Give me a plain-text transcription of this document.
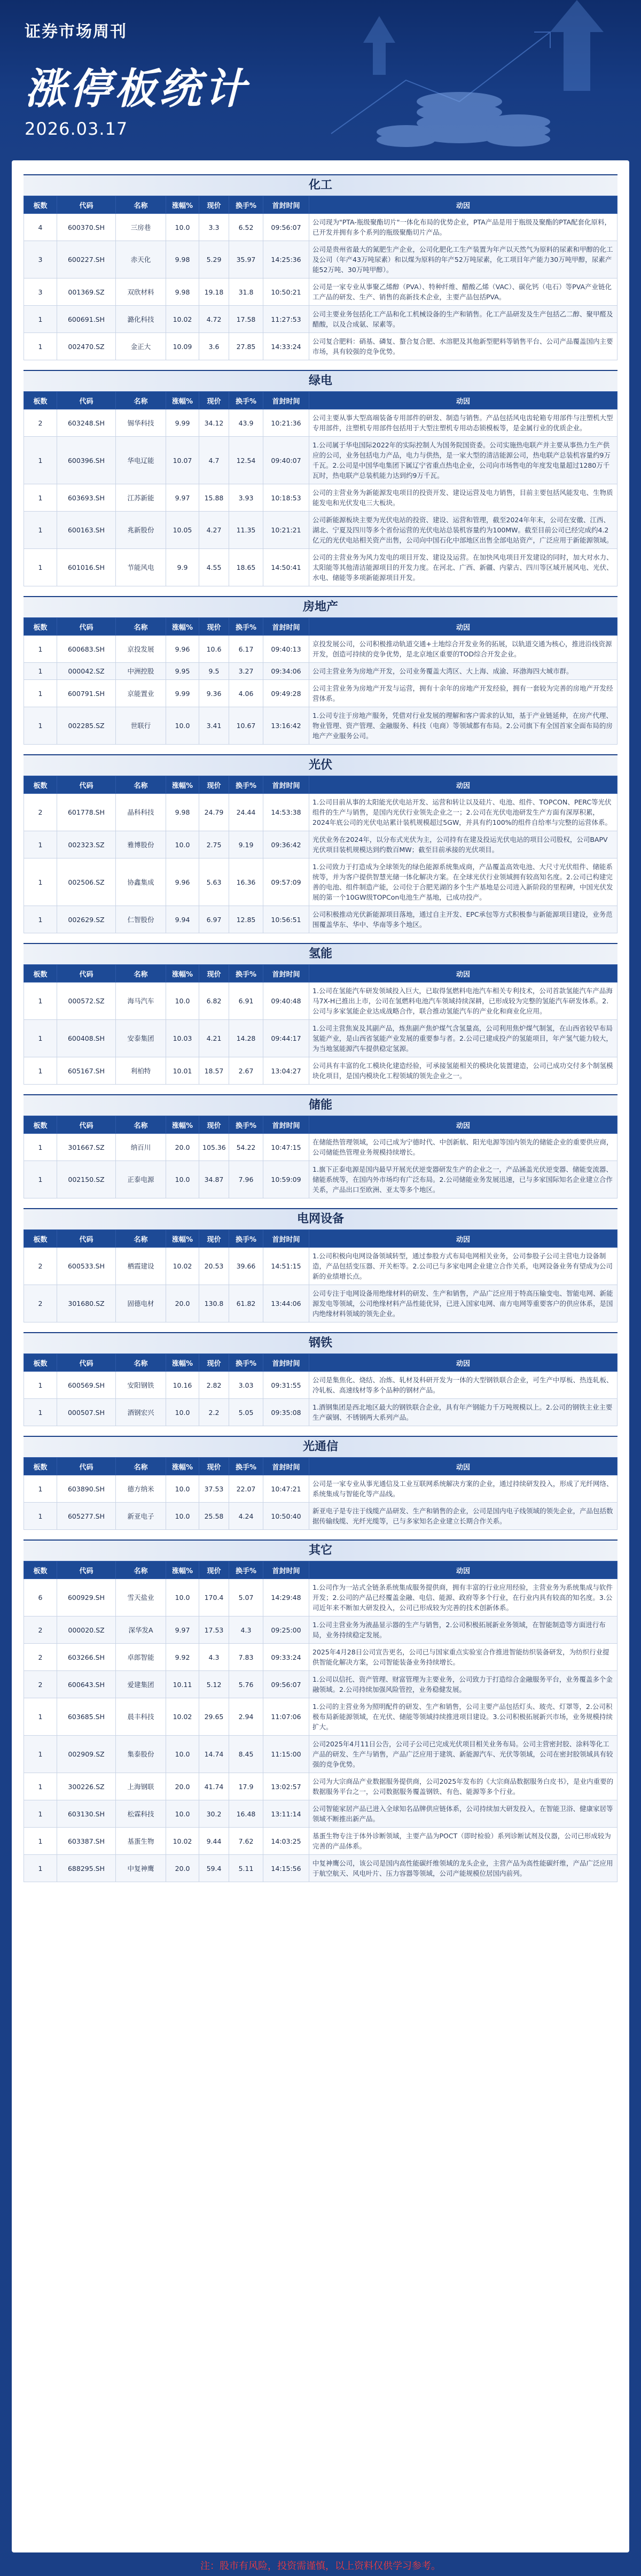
证券市场周刊
涨停板统计
2026.03.17
化工
板数	代码	名称	涨幅%	现价	换手%	首封时间	动因
4	600370.SH	三房巷	10.0	3.3	6.52	09:56:07	公司现为"PTA-瓶级聚酯切片"一体化布局的优势企业，PTA产品是用于瓶级及聚酯的PTA配套化原料，已开发并拥有多个系列的瓶级聚酯切片产品。
3	600227.SH	赤天化	9.98	5.29	35.97	14:25:36	公司是贵州省最大的氮肥生产企业，公司化肥化工生产装置为年产以天然气为原料的尿素和甲醇的化工及公司（年产43万吨尿素）和以煤为原料的年产52万吨尿素，化工项目年产能力30万吨甲醇，尿素产能52万吨、30万吨甲醇）。
3	001369.SZ	双欣材料	9.98	19.18	31.8	10:50:21	公司是一家专业从事聚乙烯醇（PVA）、特种纤维、醋酸乙烯（VAC）、碳化钙（电石）等PVA产业链化工产品的研发、生产、销售的高新技术企业，主要产品包括PVA。
1	600691.SH	潞化科技	10.02	4.72	17.58	11:27:53	公司主要业务包括化工产品和化工机械设备的生产和销售。化工产品研发及生产包括乙二醇、聚甲醛及醋酸，以及合成氨、尿素等。
1	002470.SZ	金正大	10.09	3.6	27.85	14:33:24	公司复合肥料：硝基、磷复、螯合复合肥、水溶肥及其他新型肥料等销售平台、公司产品覆盖国内主要市场，具有较强的竞争优势。
绿电
板数	代码	名称	涨幅%	现价	换手%	首封时间	动因
2	603248.SH	锡华科技	9.99	34.12	43.9	10:21:36	公司主要从事大型高端装备专用部件的研发、制造与销售。产品包括风电齿轮箱专用部件与注塑机大型专用部件，注塑机专用部件包括用于大型注塑机专用动态锁模板等，是金属行业的优质企业。
1	600396.SH	华电辽能	10.07	4.7	12.54	09:40:07	1.公司属于华电国际2022年的实际控制人为国务院国资委。公司实施热电联产并主要从事热力生产供应的公司，业务包括电力产品，电力与供热，是一家大型的清洁能源公司，热电联产总装机容量约9万千瓦。2.公司是中国华电集团下属辽宁省重点热电企业，公司向市场售电的年度发电量超过1280万千瓦时，热电联产总装机能力达到约9万千瓦。
1	603693.SH	江苏新能	9.97	15.88	3.93	10:18:53	公司的主营业务为新能源发电项目的投资开发、建设运营及电力销售，目前主要包括风能发电、生物质能发电和光伏发电三大板块。
1	600163.SH	兆新股份	10.05	4.27	11.35	10:21:21	公司新能源板块主要为光伏电站的投资、建设、运营和管理，截至2024年年末，公司在安徽、江西、湖北、宁夏及四川等多个省份运营的光伏电站总装机容量约为100MW。截至目前公司已经完成约4.2亿元的光伏电站相关资产出售，公司向中国石化中部地区出售全部电站资产，广泛应用于新能源领域。
1	601016.SH	节能风电	9.9	4.55	18.65	14:50:41	公司的主营业务为风力发电的项目开发、建设及运营。在加快风电项目开发建设的同时，加大对水力、太阳能等其他清洁能源项目的开发力度。在河北、广西、新疆、内蒙古、四川等区域开展风电、光伏、水电、储能等多项新能源项目开发。
房地产
板数	代码	名称	涨幅%	现价	换手%	首封时间	动因
1	600683.SH	京投发展	9.96	10.6	6.17	09:40:13	京投发展公司，公司积极推动轨道交通+土地综合开发业务的拓展，以轨道交通为核心，推进沿线资源开发，创造可持续的竞争优势，是北京地区重要的TOD综合开发企业。
1	000042.SZ	中洲控股	9.95	9.5	3.27	09:34:06	公司主营业务为房地产开发，公司业务覆盖大湾区、大上海、成渝、环渤海四大城市群。
1	600791.SH	京能置业	9.99	9.36	4.06	09:49:28	公司主营业务为房地产开发与运营，拥有十余年的房地产开发经验，拥有一套较为完善的房地产开发经营体系。
1	002285.SZ	世联行	10.0	3.41	10.67	13:16:42	1.公司专注于房地产服务，凭借对行业发展的理解和客户需求的认知，基于产业链延伸，在房产代理、物业管理、资产管理、金融服务、科技（电商）等领域都有布局。2.公司旗下有全国首家全面布局的房地产产业服务公司。
光伏
板数	代码	名称	涨幅%	现价	换手%	首封时间	动因
2	601778.SH	晶科科技	9.98	24.79	24.44	14:53:38	1.公司目前从事的太阳能光伏电站开发、运营和转让以及硅片、电池、组件、TOPCON、PERC等光伏组件的生产与销售，是国内光伏行业领先企业之一；2.公司在光伏电池研发生产方面有深厚积累，2024年底公司的光伏电站累计装机规模超过5GW，并具有约100%的组件自给率与完整的运营体系。
1	002323.SZ	雅博股份	10.0	2.75	9.19	09:36:42	光伏业务在2024年，以分布式光伏为主，公司持有在建及投运光伏电站的项目公司股权，公司BAPV光伏项目装机规模达到约数百MW；截至目前承接的光伏项目。
1	002506.SZ	协鑫集成	9.96	5.63	16.36	09:57:09	1.公司致力于打造成为全球领先的绿色能源系统集成商，产品覆盖高效电池、大尺寸光伏组件、储能系统等，并为客户提供智慧光储一体化解决方案。在全球光伏行业领域拥有较高知名度。2.公司已构建完善的电池、组件制造产能，公司位于合肥芜湖的多个生产基地是公司进入新阶段的里程碑，中国光伏发展的第一个10GW级TOPCon电池生产基地，已成功投产。
1	002629.SZ	仁智股份	9.94	6.97	12.85	10:56:51	公司积极推动光伏新能源项目落地，通过自主开发、EPC承包等方式积极参与新能源项目建设，业务范围覆盖华东、华中、华南等多个地区。
氢能
板数	代码	名称	涨幅%	现价	换手%	首封时间	动因
1	000572.SZ	海马汽车	10.0	6.82	6.91	09:40:48	1.公司在氢能汽车研发领域投入巨大，已取得氢燃料电池汽车相关专利技术，公司首款氢能汽车产品海马7X-H已推出上市，公司在氢燃料电池汽车领域持续深耕，已形成较为完整的氢能汽车研发体系。2.公司与多家氢能企业达成战略合作，联合推动氢能汽车的产业化和商业化应用。
1	600408.SH	安泰集团	10.03	4.21	14.28	09:44:17	1.公司主营焦炭及其副产品，炼焦副产焦炉煤气含氢量高，公司利用焦炉煤气制氢，在山西省较早布局氢能产业，是山西省氢能产业发展的重要参与者。2.公司已建成投产的氢能项目，年产氢气能力较大，为当地氢能源汽车提供稳定氢源。
1	605167.SH	利柏特	10.01	18.57	2.67	13:04:27	公司具有丰富的化工模块化建造经验，可承接氢能相关的模块化装置建造，公司已成功交付多个制氢模块化项目，是国内模块化工程领域的领先企业之一。
储能
板数	代码	名称	涨幅%	现价	换手%	首封时间	动因
1	301667.SZ	纳百川	20.0	105.36	54.22	10:47:15	在储能热管理领域，公司已成为宁德时代、中创新航、阳光电源等国内领先的储能企业的重要供应商，公司储能热管理业务规模持续增长。
1	002150.SZ	正泰电源	10.0	34.87	7.96	10:59:09	1.旗下正泰电源是国内最早开展光伏逆变器研发生产的企业之一，产品涵盖光伏逆变器、储能变流器、储能系统等，在国内外市场均有广泛布局。2.公司储能业务发展迅速，已与多家国际知名企业建立合作关系，产品出口至欧洲、亚太等多个地区。
电网设备
板数	代码	名称	涨幅%	现价	换手%	首封时间	动因
2	600533.SH	栖霞建设	10.02	20.53	39.66	14:51:15	1.公司积极向电网设备领域转型，通过参股方式布局电网相关业务，公司参股子公司主营电力设备制造，产品包括变压器、开关柜等。2.公司已与多家电网企业建立合作关系，电网设备业务有望成为公司新的业绩增长点。
2	301680.SZ	固德电材	20.0	130.8	61.82	13:44:06	公司专注于电网设备用绝缘材料的研发、生产和销售，产品广泛应用于特高压输变电、智能电网、新能源发电等领域，公司绝缘材料产品性能优异，已进入国家电网、南方电网等重要客户的供应体系，是国内绝缘材料领域的领先企业。
钢铁
板数	代码	名称	涨幅%	现价	换手%	首封时间	动因
1	600569.SH	安阳钢铁	10.16	2.82	3.03	09:31:55	公司是集焦化、烧结、冶炼、轧材及科研开发为一体的大型钢铁联合企业，可生产中厚板、热连轧板、冷轧板、高速线材等多个品种的钢材产品。
1	000507.SH	酒钢宏兴	10.0	2.2	5.05	09:35:08	1.酒钢集团是西北地区最大的钢铁联合企业，具有年产钢能力千万吨规模以上。2.公司的钢铁主业主要生产碳钢、不锈钢两大系列产品。
光通信
板数	代码	名称	涨幅%	现价	换手%	首封时间	动因
1	603890.SH	德方纳米	10.0	37.53	22.07	10:47:21	公司是一家专业从事光通信及工业互联网系统解决方案的企业，通过持续研发投入，形成了光纤网络、系统集成与智能化等产品线。
1	605277.SH	新亚电子	10.0	25.58	4.24	10:50:40	新亚电子是专注于线缆产品研发、生产和销售的企业，公司是国内电子线领域的领先企业，产品包括数据传输线缆、光纤光缆等，已与多家知名企业建立长期合作关系。
其它
板数	代码	名称	涨幅%	现价	换手%	首封时间	动因
6	600929.SH	雪天盐业	10.0	170.4	5.07	14:29:48	1.公司作为一站式全链条系统集成服务提供商，拥有丰富的行业应用经验，主营业务为系统集成与软件开发；2.公司的产品已经覆盖金融、电信、能源、政府等多个行业，在行业内具有较高的知名度。3.公司近年来不断加大研发投入，公司已形成较为完善的技术创新体系。
2	000020.SZ	深华发A	9.97	17.53	4.3	09:25:00	1.公司主营业务为液晶显示器的生产与销售，2.公司积极拓展新业务领域，在智能制造等方面进行布局，业务持续稳定发展。
2	603266.SH	卓郎智能	9.92	4.3	7.83	09:33:24	2025年4月28日公司宣告更名，公司已与国家重点实验室合作推进智能纺织装备研发，为纺织行业提供智能化解决方案，公司智能装备业务持续增长。
2	600643.SH	爱建集团	10.11	5.12	5.76	09:56:07	1.公司以信托、资产管理、财富管理为主要业务，公司致力于打造综合金融服务平台，业务覆盖多个金融领域。2.公司持续加强风险管控，业务稳健发展。
1	603685.SH	晨丰科技	10.02	29.65	2.94	11:07:06	1.公司的主营业务为照明配件的研发、生产和销售，公司主要产品包括灯头、玻壳、灯罩等，2.公司积极布局新能源领域，在光伏、储能等领域持续推进项目建设。3.公司积极拓展新兴市场，业务规模持续扩大。
1	002909.SZ	集泰股份	10.0	14.74	8.45	11:15:00	公司2025年4月11日公告，公司子公司已完成光伏项目相关业务布局。公司主营密封胶、涂料等化工产品的研发、生产与销售，产品广泛应用于建筑、新能源汽车、光伏等领域，公司在密封胶领域具有较强的竞争优势。
1	300226.SZ	上海钢联	20.0	41.74	17.9	13:02:57	公司为大宗商品产业数据服务提供商，公司2025年发布的《大宗商品数据服务白皮书》，是业内重要的数据服务平台之一，公司数据服务覆盖钢铁、有色、能源等多个行业。
1	603130.SH	松霖科技	10.0	30.2	16.48	13:11:14	公司智能家居产品已进入全球知名品牌供应链体系，公司持续加大研发投入，在智能卫浴、健康家居等领域不断推出新产品。
1	603387.SH	基蛋生物	10.02	9.44	7.62	14:03:25	基蛋生物专注于体外诊断领域，主要产品为POCT（即时检验）系列诊断试剂及仪器，公司已形成较为完善的产品体系。
1	688295.SH	中复神鹰	20.0	59.4	5.11	14:15:56	中复神鹰公司，该公司是国内高性能碳纤维领域的龙头企业，主营产品为高性能碳纤维，产品广泛应用于航空航天、风电叶片、压力容器等领域，公司产能规模位居国内前列。
注：股市有风险，投资需谨慎，以上资料仅供学习参考。
